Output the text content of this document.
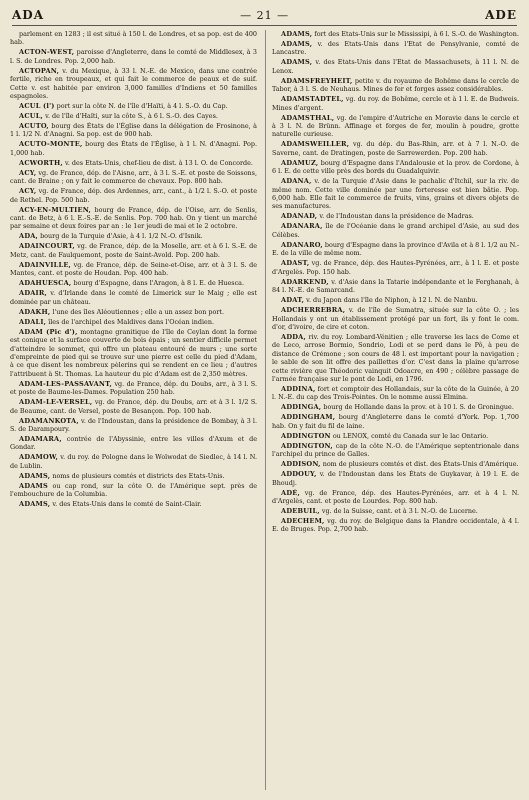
ADA	— 21 —	ADE

parlement en 1283 ; il est situé à 150 l. de Londres, et sa pop. est de 400 hab.

ACTON-WEST, paroisse d'Angleterre, dans le comté de Middlesex, à 3 l. S. de Londres. Pop. 2,000 hab.

ACTOPAN, v. du Mexique, à 33 l. N.-E. de Mexico, dans une contrée fertile, riche en troupeaux, et qui fait le commerce de peaux et de suif. Cette v. est habitée par environ 3,000 familles d'Indiens et 50 familles espagnoles.

ACUL (l') port sur la côte N. de l'île d'Haïti, à 4 l. S.-O. du Cap.

ACUL, v. de l'île d'Haïti, sur la côte S., à 6 l. S.-O. des Cayes.

ACUTO, bourg des États de l'Église dans la délégation de Frosinone, à 1 l. 1/2 N. d'Anagni. Sa pop. est de 900 hab.

ACUTO-MONTE, bourg des États de l'Église, à 1 l. N. d'Anagni. Pop. 1,000 hab.

ACWORTH, v. des Etats-Unis, chef-lieu de dist. à 13 l. O. de Concorde.

ACY, vg. de France, dép. de l'Aisne, arr., à 3 l. S.-E. et poste de Soissons, cant. de Braine ; on y fait le commerce de chevaux. Pop. 800 hab.

ACY, vg. de France, dép. des Ardennes, arr., cant., à 1/2 l. S.-O. et poste de Rethel. Pop. 500 hab.

ACY-EN-MULTIEN, bourg de France, dép. de l'Oise, arr. de Senlis, cant. de Betz, à 6 l. E.-S.-E. de Senlis. Pop. 700 hab. On y tient un marché par semaine et deux foires par an : le 1er jeudi de mai et le 2 octobre.

ADA, bourg de la Turquie d'Asie, à 4 l. 1/2 N.-O. d'Isnik.

ADAINCOURT, vg. de France, dép. de la Moselle, arr. et à 6 l. S.-E. de Metz, cant. de Faulquemont, poste de Saint-Avold. Pop. 200 hab.

ADAINVILLE, vg. de France, dép. de Seine-et-Oise, arr. et à 3 l. S. de Mantes, cant. et poste de Houdan. Pop. 400 hab.

ADAHUESCA, bourg d'Espagne, dans l'Aragon, à 8 l. E. de Huesca.

ADAIR, v. d'Irlande dans le comté de Limerick sur le Maig ; elle est dominée par un château.

ADAKH, l'une des îles Aléoutiennes ; elle a un assez bon port.

ADALI, îles de l'archipel des Maldives dans l'Océan indien.

ADAM (Pic d'), montagne granitique de l'île de Ceylan dont la forme est conique et la surface couverte de bois épais ; un sentier difficile permet d'atteindre le sommet, qui offre un plateau entouré de murs ; une sorte d'empreinte de pied qui se trouve sur une pierre est celle du pied d'Adam, à ce que disent les nombreux pèlerins qui se rendent en ce lieu ; d'autres l'attribuent à St. Thomas. La hauteur du pic d'Adam est de 2,350 mètres.

ADAM-LES-PASSAVANT, vg. de France, dép. du Doubs, arr., à 3 l. S. et poste de Baume-les-Dames. Population 250 hab.

ADAM-LE-VERSEL, vg. de France, dép. du Doubs, arr. et à 3 l. 1/2 S. de Beaume, cant. de Versel, poste de Besançon. Pop. 100 hab.

ADAMANKOTA, v. de l'Indoustan, dans la présidence de Bombay, à 3 l. S. de Darampoury.

ADAMARA, contrée de l'Abyssinie, entre les villes d'Axum et de Gondar.

ADAMOW, v. du roy. de Pologne dans le Woïwodat de Siedlec, à 14 l. N. de Lublin.

ADAMS, noms de plusieurs comtés et districts des Etats-Unis.

ADAMS ou cap rond, sur la côte O. de l'Amérique sept. près de l'embouchure de la Columbia.

ADAMS, v. des Etats-Unis dans le comté de Saint-Clair.

ADAMS, fort des Etats-Unis sur le Mississipi, à 6 l. S.-O. de Washington.

ADAMS, v. des Etats-Unis dans l'Etat de Pensylvanie, comté de Lancastre.

ADAMS, v. des Etats-Unis dans l'Etat de Massachusets, à 11 l. N. de Lenox.

ADAMSFREYHEIT, petite v. du royaume de Bohême dans le cercle de Tabor, à 3 l. S. de Neuhaus. Mines de fer et forges assez considérables.

ADAMSTADTEL, vg. du roy. de Bohême, cercle et à 1 l. E. de Budweis. Mines d'argent.

ADAMSTHAL, vg. de l'empire d'Autriche en Moravie dans le cercle et à 3 l. N. de Brünn. Affinage et forges de fer, moulin à poudre, grotte naturelle curieuse.

ADAMSWEILLER, vg. du dép. du Bas-Rhin, arr. et à 7 l. N.-O. de Saverne, cant. de Dratingen, poste de Sarrewerden. Pop. 200 hab.

ADAMUZ, bourg d'Espagne dans l'Andalousie et la prov. de Cordone, à 6 l. E. de cette ville près des bords du Guadalquivir.

ADANA, v. de la Turquie d'Asie dans le pachalic d'Itchil, sur la riv. de même nom. Cette ville dominée par une forteresse est bien bâtie. Pop. 6,000 hab. Elle fait le commerce de fruits, vins, grains et divers objets de ses manufactures.

ADANAD, v. de l'Indoustan dans la présidence de Madras.

ADANARA, île de l'Océanie dans le grand archipel d'Asie, au sud des Célèbes.

ADANARO, bourg d'Espagne dans la province d'Avila et à 8 l. 1/2 au N.-E. de la ville de même nom.

ADAST, vg. de France, dép. des Hautes-Pyrénées, arr., à 1 l. E. et poste d'Argelès. Pop. 150 hab.

ADARKEND, v. d'Asie dans la Tatarie indépendante et le Ferghanah, à 84 l. N.-E. de Samarcand.

ADAT, v. du Japon dans l'île de Niphon, à 12 l. N. de Nanbu.

ADCHERREBRA, v. de l'île de Sumatra, située sur la côte O. ; les Hollandais y ont un établissement protégé par un fort, ils y font le com. d'or, d'ivoire, de cire et coton.

ADDA, riv. du roy. Lombard-Vénitien ; elle traverse les lacs de Come et de Leco, arrose Bormio, Sondrio, Lodi et se perd dans le Pô, à peu de distance de Crémone ; son cours de 48 l. est important pour la navigation ; le sable de son lit offre des paillettes d'or. C'est dans la plaine qu'arrose cette rivière que Théodoric vainquit Odoacre, en 490 ; célèbre passage de l'armée française sur le pont de Lodi, en 1796.

ADDINA, fort et comptoir des Hollandais, sur la côte de la Guinée, à 20 l. N.-E. du cap des Trois-Pointes. On le nomme aussi Elmina.

ADDINGA, bourg de Hollande dans la prov. et à 10 l. S. de Groningue.

ADDINGHAM, bourg d'Angleterre dans le comté d'York. Pop. 1,700 hab. On y fait du fil de laine.

ADDINGTON ou LENOX, comté du Canada sur le lac Ontario.

ADDINGTON, cap de la côte N.-O. de l'Amérique septentrionale dans l'archipel du prince de Galles.

ADDISON, nom de plusieurs comtés et dist. des États-Unis d'Amérique.

ADDOUY, v. de l'Indoustan dans les États de Guykavar, à 19 l. E. de Bhoudj.

ADÉ, vg. de France, dép. des Hautes-Pyrénées, arr. et à 4 l. N. d'Argelès, cant. et poste de Lourdes. Pop. 800 hab.

ADEBUIL, vg. de la Suisse, cant. et à 3 l. N.-O. de Lucerne.

ADECHEM, vg. du roy. de Belgique dans la Flandre occidentale, à 4 l. E. de Bruges. Pop. 2,700 hab.
